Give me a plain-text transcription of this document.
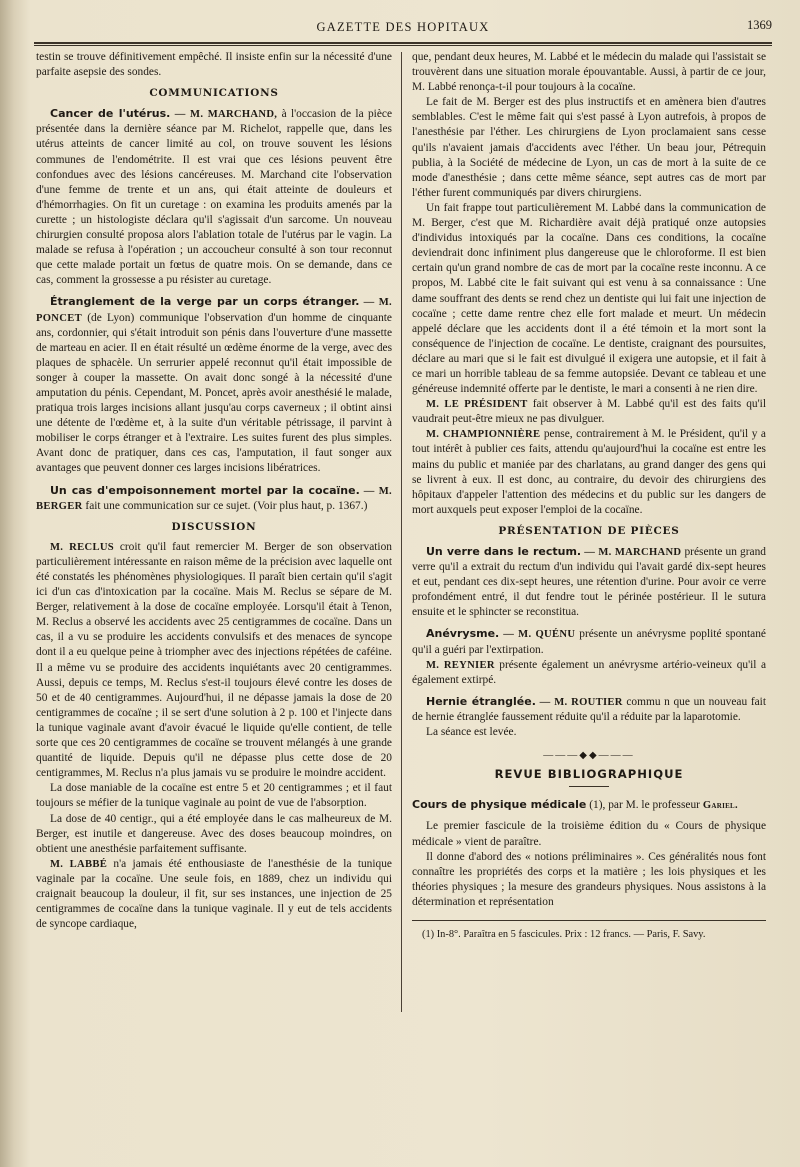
GAZETTE DES HOPITAUX	1369

testin se trouve définitivement empêché. Il insiste enfin sur la nécessité d'une parfaite asepsie des sondes.

COMMUNICATIONS

Cancer de l'utérus. — M. MARCHAND, à l'occasion de la pièce présentée dans la dernière séance par M. Richelot, rappelle que, dans les utérus atteints de cancer limité au col, on trouve souvent les lésions communes de l'endométrite. Il est vrai que ces lésions peuvent être confondues avec des lésions cancéreuses. M. Marchand cite l'observation d'une femme de trente et un ans, qui était atteinte de douleurs et d'hémorrhagies. On fit un curetage : on examina les produits amenés par la curette ; un histologiste déclara qu'il s'agissait d'un sarcome. Un nouveau chirurgien consulté proposa alors l'ablation totale de l'utérus par le vagin. La malade se refusa à l'opération ; un accoucheur consulté à son tour reconnut que cette malade portait un fœtus de quatre mois. On se demande, dans ce cas, comment la grossesse a pu résister au curetage.

Étranglement de la verge par un corps étranger. — M. PONCET (de Lyon) communique l'observation d'un homme de cinquante ans, cordonnier, qui s'était introduit son pénis dans l'ouverture d'une massette de marteau en acier. Il en était résulté un œdème énorme de la verge, avec des plaques de sphacèle. Un serrurier appelé reconnut qu'il était impossible de songer à couper la massette. On avait donc songé à la nécessité d'une amputation du pénis. Cependant, M. Poncet, après avoir anesthésié le malade, pratiqua trois larges incisions allant jusqu'au corps caverneux ; il obtint ainsi une détente de l'œdème et, à la suite d'un véritable pétrissage, il parvint à mobiliser le corps étranger et à l'extraire. Les suites furent des plus simples. Avant donc de pratiquer, dans ces cas, l'amputation, il faut songer aux avantages que peuvent donner ces larges incisions libératrices.

Un cas d'empoisonnement mortel par la cocaïne. — M. BERGER fait une communication sur ce sujet. (Voir plus haut, p. 1367.)

DISCUSSION

M. RECLUS croit qu'il faut remercier M. Berger de son observation particulièrement intéressante en raison même de la précision avec laquelle ont été constatés les phénomènes physiologiques. Il paraît bien certain qu'il s'agit ici d'un cas d'intoxication par la cocaïne. Mais M. Reclus se sépare de M. Berger, relativement à la dose de cocaïne employée. Lorsqu'il était à Tenon, M. Reclus a observé les accidents avec 25 centigrammes de cocaïne. Dans un cas, il a vu se produire les accidents convulsifs et des menaces de syncope dont il a eu quelque peine à triompher avec des injections répétées de caféine. Il a même vu se produire des accidents inquiétants avec 20 centigrammes. Aussi, depuis ce temps, M. Reclus s'est-il toujours élevé contre les doses de 50 et de 40 centigrammes. Aujourd'hui, il ne dépasse jamais la dose de 20 centigrammes de cocaïne ; il se sert d'une solution à 2 p. 100 et l'injecte dans la tunique vaginale avant d'avoir évacué le liquide qu'elle contient, de telle sorte que ces 20 centigrammes de cocaïne se trouvent mélangés à une grande quantité de liquide. Depuis qu'il ne dépasse plus cette dose de 20 centigrammes, M. Reclus n'a plus jamais vu se produire le moindre accident.

La dose maniable de la cocaïne est entre 5 et 20 centigrammes ; et il faut toujours se méfier de la tunique vaginale au point de vue de l'absorption.

La dose de 40 centigr., qui a été employée dans le cas malheureux de M. Berger, est inutile et dangereuse. Avec des doses beaucoup moindres, on obtient une anesthésie parfaitement suffisante.

M. LABBÉ n'a jamais été enthousiaste de l'anesthésie de la tunique vaginale par la cocaïne. Une seule fois, en 1889, chez un individu qui craignait beaucoup la douleur, il fit, sur ses instances, une injection de 25 centigrammes de cocaïne dans la tunique vaginale. Il y eut de tels accidents de syncope cardiaque,

que, pendant deux heures, M. Labbé et le médecin du malade qui l'assistait se trouvèrent dans une situation morale épouvantable. Aussi, à partir de ce jour, M. Labbé renonça-t-il pour toujours à la cocaïne.

Le fait de M. Berger est des plus instructifs et en amènera bien d'autres semblables. C'est le même fait qui s'est passé à Lyon autrefois, à propos de l'anesthésie par l'éther. Les chirurgiens de Lyon proclamaient sans cesse qu'ils n'avaient jamais d'accidents avec l'éther. Un beau jour, Pétrequin publia, à la Société de médecine de Lyon, un cas de mort à la suite de ce mode d'anesthésie ; dans cette même séance, sept autres cas de mort par l'éther furent communiqués par divers chirurgiens.

Un fait frappe tout particulièrement M. Labbé dans la communication de M. Berger, c'est que M. Richardière avait déjà pratiqué onze autopsies d'individus intoxiqués par la cocaïne. Dans ces conditions, la cocaïne deviendrait donc infiniment plus dangereuse que le chloroforme. Il est bien certain qu'un grand nombre de cas de mort par la cocaïne reste inconnu. A ce propos, M. Labbé cite le fait suivant qui est venu à sa connaissance : Une dame souffrant des dents se rend chez un dentiste qui lui fait une injection de cocaïne ; cette dame rentre chez elle fort malade et meurt. Un médecin appelé déclare que les accidents dont il a été témoin et la mort sont la conséquence de l'injection de cocaïne. Le dentiste, craignant des poursuites, déclare au mari que si le fait est divulgué il exigera une autopsie, et il fait à ce mari un horrible tableau de sa femme autopsiée. Devant ce tableau et une généreuse indemnité offerte par le dentiste, le mari a consenti à ne rien dire.

M. LE PRÉSIDENT fait observer à M. Labbé qu'il est des faits qu'il vaudrait peut-être mieux ne pas divulguer.

M. CHAMPIONNIÈRE pense, contrairement à M. le Président, qu'il y a tout intérêt à publier ces faits, attendu qu'aujourd'hui la cocaïne est entre les mains du public et maniée par des charlatans, au grand danger des gens qui se livrent à eux. Il est donc, au contraire, du devoir des chirurgiens des hôpitaux d'appeler l'attention des médecins et du public sur les dangers de mort auxquels peut exposer l'emploi de la cocaïne.

PRÉSENTATION DE PIÈCES

Un verre dans le rectum. — M. MARCHAND présente un grand verre qu'il a extrait du rectum d'un individu qui l'avait gardé dix-sept heures et eut, pendant ces dix-sept heures, une rétention d'urine. Pour avoir ce verre profondément entré, il dut fendre tout le périnée postérieur. Il le sutura ensuite et le sphincter se reconstitua.

Anévrysme. — M. QUÉNU présente un anévrysme poplité spontané qu'il a guéri par l'extirpation.

M. REYNIER présente également un anévrysme artério-veineux qu'il a également extirpé.

Hernie étranglée. — M. ROUTIER commu n que un nouveau fait de hernie étranglée faussement réduite qu'il a réduite par la laparotomie.

La séance est levée.

———◆◆———
REVUE BIBLIOGRAPHIQUE

Cours de physique médicale (1), par M. le professeur Gariel.

Le premier fascicule de la troisième édition du « Cours de physique médicale » vient de paraître.

Il donne d'abord des « notions préliminaires ». Ces généralités nous font connaître les propriétés des corps et la matière ; les lois physiques et les théories physiques ; la mesure des grandeurs physiques. Nous assistons à la détermination et représentation

(1) In-8°. Paraîtra en 5 fascicules. Prix : 12 francs. — Paris, F. Savy.
